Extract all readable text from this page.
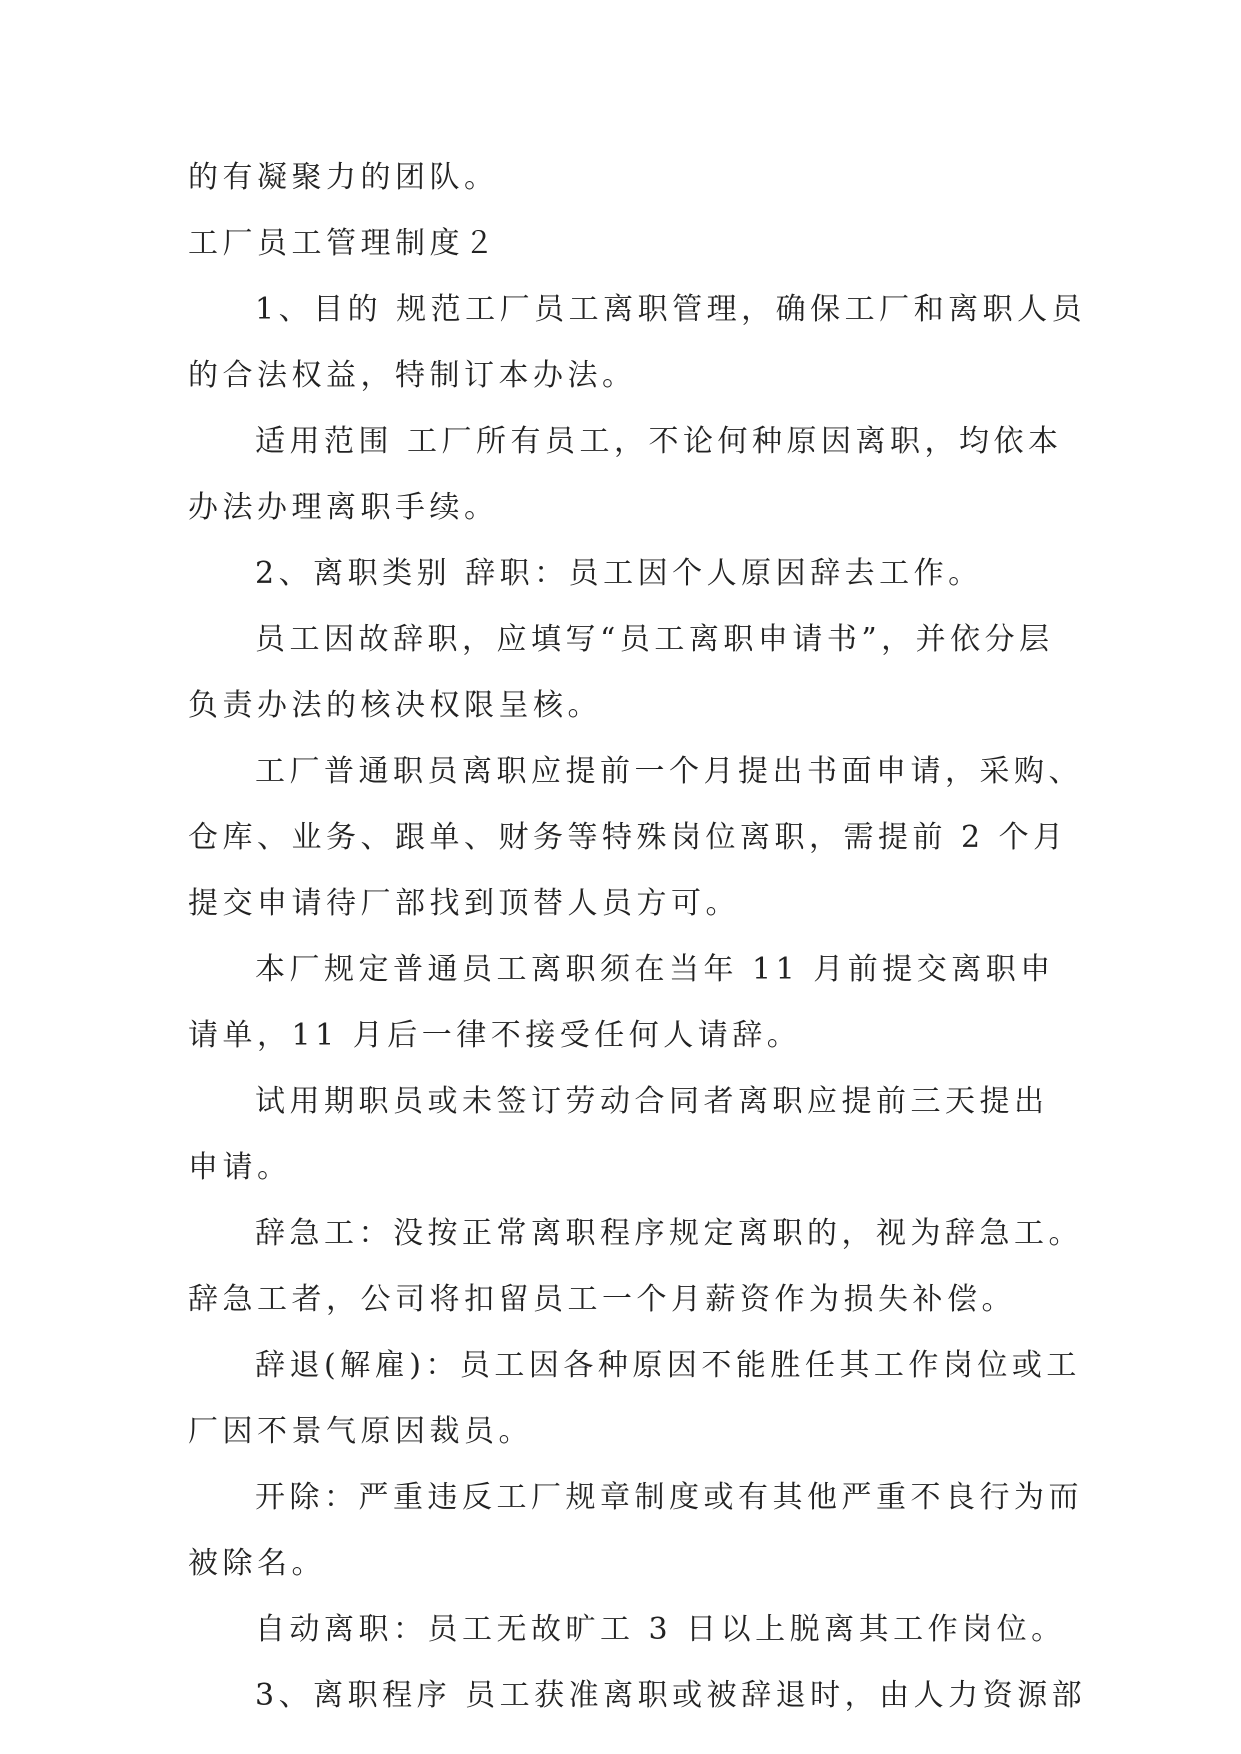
的有凝聚力的团队。
工厂员工管理制度２
1、目的 规范工厂员工离职管理，确保工厂和离职人员
的合法权益，特制订本办法。
适用范围 工厂所有员工，不论何种原因离职，均依本
办法办理离职手续。
2、离职类别 辞职：员工因个人原因辞去工作。
员工因故辞职，应填写“员工离职申请书”，并依分层
负责办法的核决权限呈核。
工厂普通职员离职应提前一个月提出书面申请，采购、
仓库、业务、跟单、财务等特殊岗位离职，需提前 2 个月
提交申请待厂部找到顶替人员方可。
本厂规定普通员工离职须在当年 11 月前提交离职申
请单，11 月后一律不接受任何人请辞。
试用期职员或未签订劳动合同者离职应提前三天提出
申请。
辞急工：没按正常离职程序规定离职的，视为辞急工。
辞急工者，公司将扣留员工一个月薪资作为损失补偿。
辞退(解雇)：员工因各种原因不能胜任其工作岗位或工
厂因不景气原因裁员。
开除：严重违反工厂规章制度或有其他严重不良行为而
被除名。
自动离职：员工无故旷工 3 日以上脱离其工作岗位。
3、离职程序 员工获准离职或被辞退时，由人力资源部
